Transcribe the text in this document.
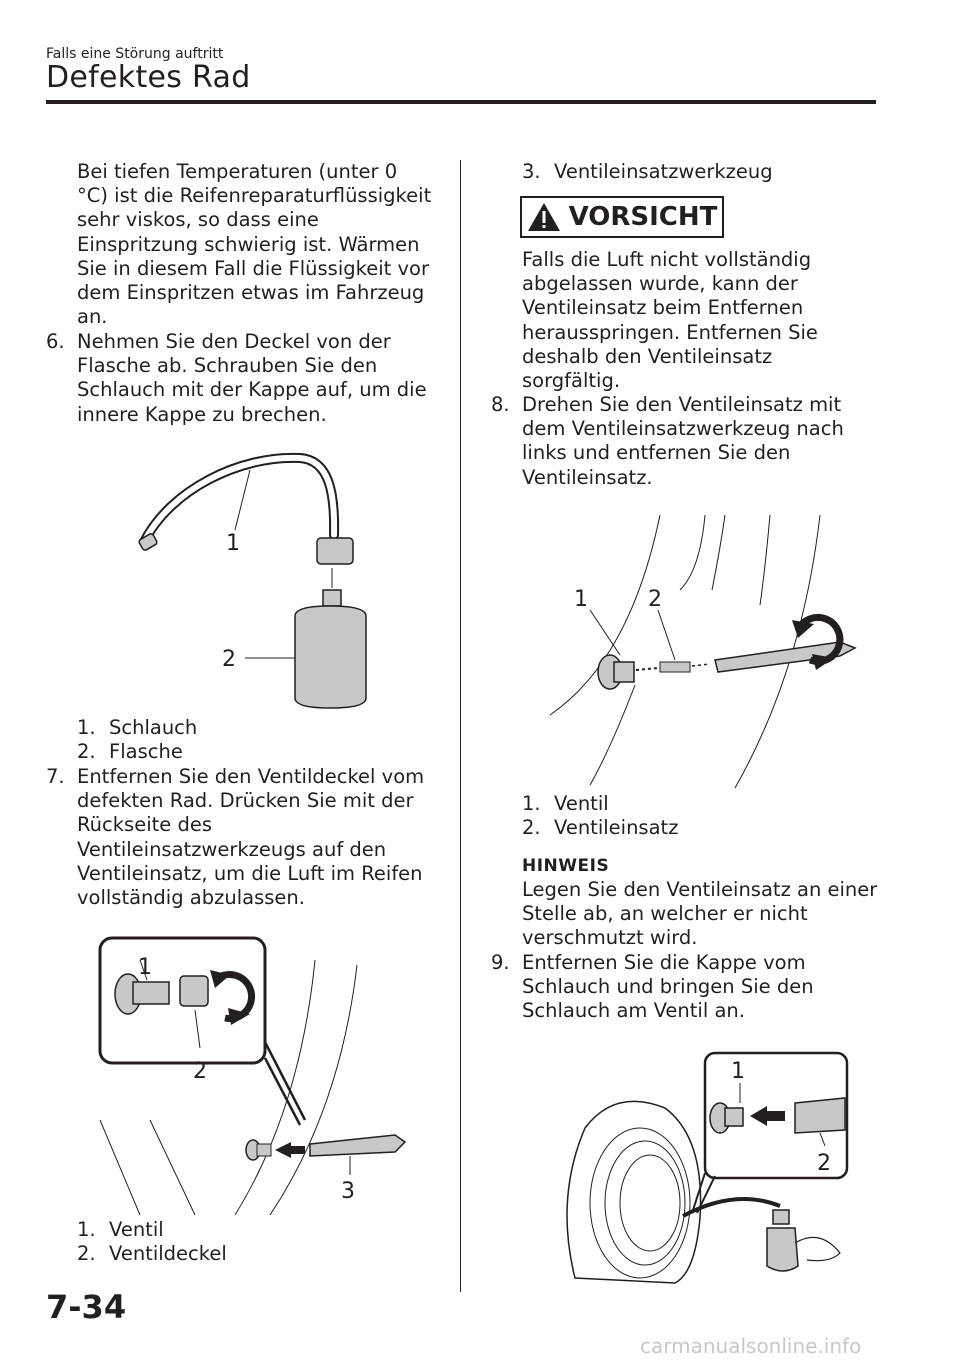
Falls eine Störung auftritt
Defektes Rad
Bei tiefen Temperaturen (unter 0
°C) ist die Reifenreparaturflüssigkeit
sehr viskos, so dass eine
Einspritzung schwierig ist. Wärmen
Sie in diesem Fall die Flüssigkeit vor
dem Einspritzen etwas im Fahrzeug
an.
6. Nehmen Sie den Deckel von der
Flasche ab. Schrauben Sie den
Schlauch mit der Kappe auf, um die
innere Kappe zu brechen.
1
2
1. Schlauch
2. Flasche
7. Entfernen Sie den Ventildeckel vom
defekten Rad. Drücken Sie mit der
Rückseite des
Ventileinsatzwerkzeugs auf den
Ventileinsatz, um die Luft im Reifen
vollständig abzulassen.
1
2
3
1. Ventil
2. Ventildeckel
3. Ventileinsatzwerkzeug
VORSICHT
Falls die Luft nicht vollständig
abgelassen wurde, kann der
Ventileinsatz beim Entfernen
herausspringen. Entfernen Sie
deshalb den Ventileinsatz
sorgfältig.
8. Drehen Sie den Ventileinsatz mit
dem Ventileinsatzwerkzeug nach
links und entfernen Sie den
Ventileinsatz.
1	2
1. Ventil
2. Ventileinsatz
HINWEIS
Legen Sie den Ventileinsatz an einer
Stelle ab, an welcher er nicht
verschmutzt wird.
9. Entfernen Sie die Kappe vom
Schlauch und bringen Sie den
Schlauch am Ventil an.
1
2
7-34
carmanualsonline.info
